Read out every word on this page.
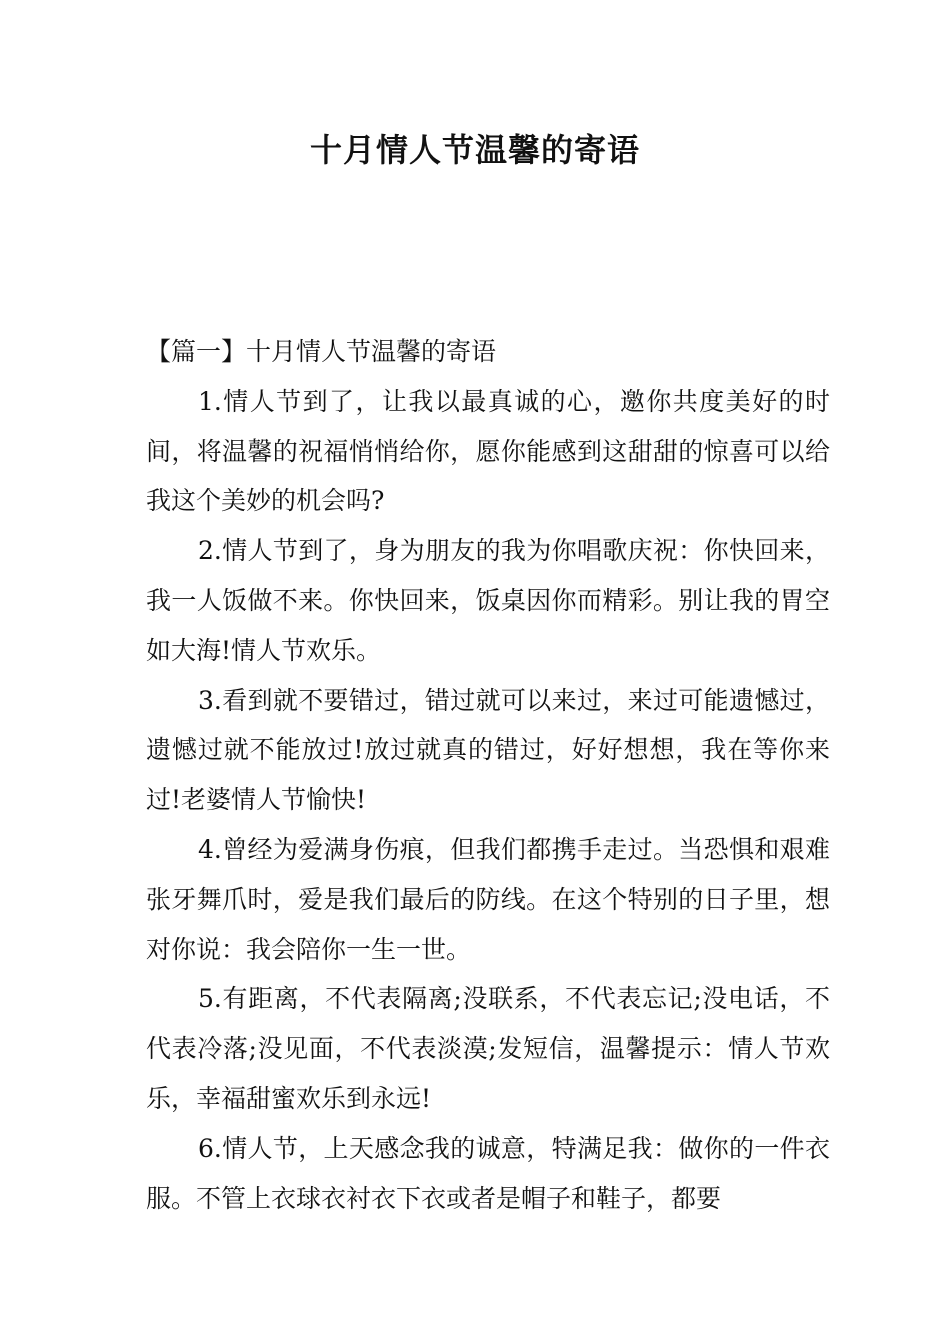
十月情人节温馨的寄语

【篇一】十月情人节温馨的寄语

1.情人节到了，让我以最真诚的心，邀你共度美好的时间，将温馨的祝福悄悄给你，愿你能感到这甜甜的惊喜可以给我这个美妙的机会吗?

2.情人节到了，身为朋友的我为你唱歌庆祝：你快回来，我一人饭做不来。你快回来，饭桌因你而精彩。别让我的胃空如大海!情人节欢乐。

3.看到就不要错过，错过就可以来过，来过可能遗憾过，遗憾过就不能放过!放过就真的错过，好好想想，我在等你来过!老婆情人节愉快!

4.曾经为爱满身伤痕，但我们都携手走过。当恐惧和艰难张牙舞爪时，爱是我们最后的防线。在这个特别的日子里，想对你说：我会陪你一生一世。

5.有距离，不代表隔离;没联系，不代表忘记;没电话，不代表冷落;没见面，不代表淡漠;发短信，温馨提示：情人节欢乐，幸福甜蜜欢乐到永远!

6.情人节，上天感念我的诚意，特满足我：做你的一件衣服。不管上衣球衣衬衣下衣或者是帽子和鞋子，都要
